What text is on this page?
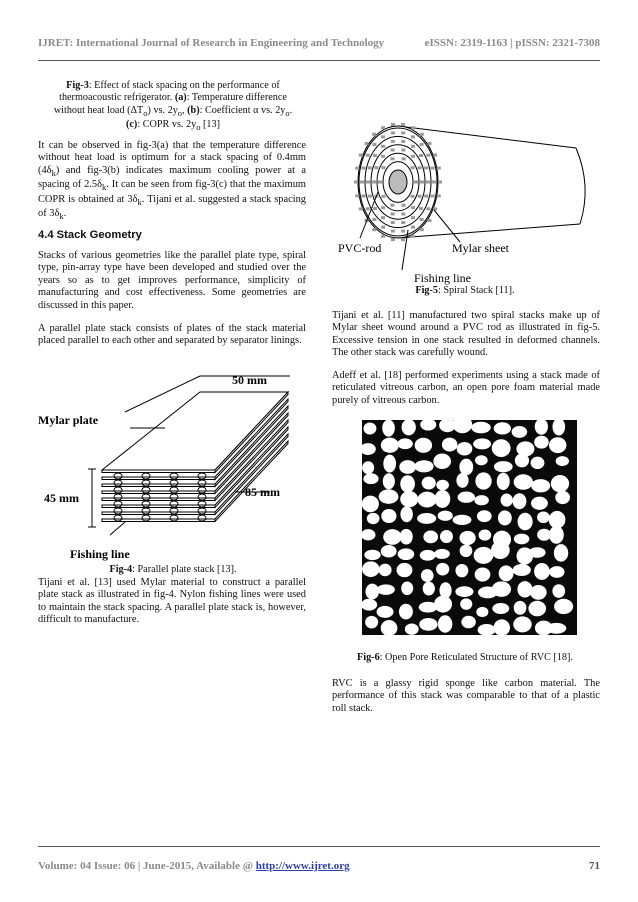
IJRET: International Journal of Research in Engineering and Technology	eISSN: 2319-1163 | pISSN: 2321-7308
Fig-3: Effect of stack spacing on the performance of
thermoacoustic refrigerator. (a): Temperature difference
without heat load $(\Delta T_o)$ vs. $2y_o$, (b): Coefficient α vs. $2y_o$.
(c): COPR vs. $2y_o$ [13]
It can be observed in fig-3(a) that the temperature difference without heat load is optimum for a stack spacing of 0.4mm $(4\delta_k)$ and fig-3(b) indicates maximum cooling power at a spacing of $2.5\delta_k$. It can be seen from fig-3(c) that the maximum COPR is obtained at $3\delta_k$. Tijani et al. suggested a stack spacing of $3\delta_k$.
4.4 Stack Geometry
Stacks of various geometries like the parallel plate type, spiral type, pin-array type have been developed and studied over the years so as to get improves performance, simplicity of manufacturing and cost effectiveness. Some geometries are discussed in this paper.
A parallel plate stack consists of plates of the stack material placed parallel to each other and separated by separator linings.
50 mm
Mylar plate
45 mm	85 mm
Fishing line
Fig-4: Parallel plate stack [13].
Tijani et al. [13] used Mylar material to construct a parallel plate stack as illustrated in fig-4. Nylon fishing lines were used to maintain the stack spacing. A parallel plate stack is, however, difficult to manufacture.
PVC-rod	Mylar sheet
Fishing line
Fig-5: Spiral Stack [11].
Tijani et al. [11] manufactured two spiral stacks make up of Mylar sheet wound around a PVC rod as illustrated in fig-5. Excessive tension in one stack resulted in deformed channels. The other stack was carefully wound.
Adeff et al. [18] performed experiments using a stack made of reticulated vitreous carbon, an open pore foam material made purely of vitreous carbon.
Fig-6: Open Pore Reticulated Structure of RVC [18].
RVC is a glassy rigid sponge like carbon material. The performance of this stack was comparable to that of a plastic roll stack.
Volume: 04 Issue: 06 | June-2015, Available @ http://www.ijret.org	71
